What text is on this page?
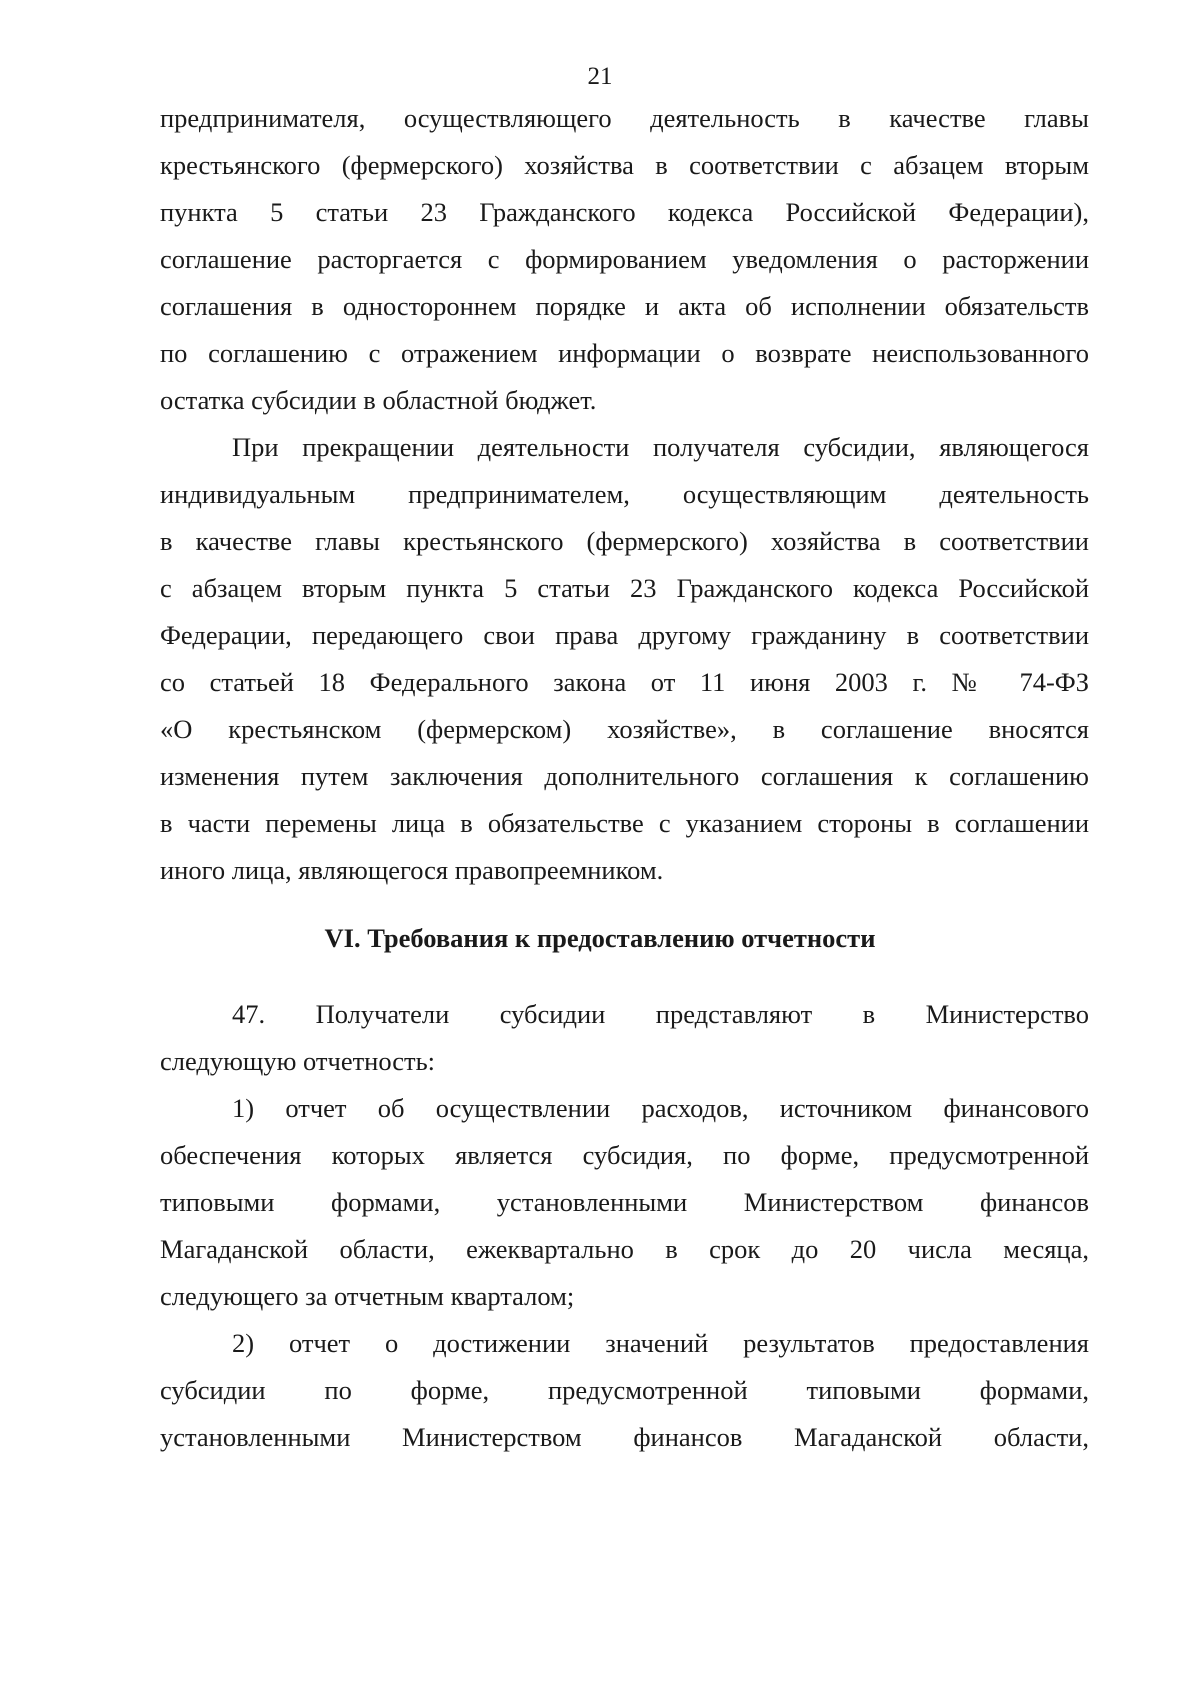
21
предпринимателя, осуществляющего деятельность в качестве главы
крестьянского (фермерского) хозяйства в соответствии с абзацем вторым
пункта 5 статьи 23 Гражданского кодекса Российской Федерации),
соглашение расторгается с формированием уведомления о расторжении
соглашения в одностороннем порядке и акта об исполнении обязательств
по соглашению с отражением информации о возврате неиспользованного
остатка субсидии в областной бюджет.
При прекращении деятельности получателя субсидии, являющегося
индивидуальным предпринимателем, осуществляющим деятельность
в качестве главы крестьянского (фермерского) хозяйства в соответствии
с абзацем вторым пункта 5 статьи 23 Гражданского кодекса Российской
Федерации, передающего свои права другому гражданину в соответствии
со статьей 18 Федерального закона от 11 июня 2003 г. № 74-ФЗ
«О крестьянском (фермерском) хозяйстве», в соглашение вносятся
изменения путем заключения дополнительного соглашения к соглашению
в части перемены лица в обязательстве с указанием стороны в соглашении
иного лица, являющегося правопреемником.
VI. Требования к предоставлению отчетности
47. Получатели субсидии представляют в Министерство
следующую отчетность:
1) отчет об осуществлении расходов, источником финансового
обеспечения которых является субсидия, по форме, предусмотренной
типовыми формами, установленными Министерством финансов
Магаданской области, ежеквартально в срок до 20 числа месяца,
следующего за отчетным кварталом;
2) отчет о достижении значений результатов предоставления
субсидии по форме, предусмотренной типовыми формами,
установленными Министерством финансов Магаданской области,
